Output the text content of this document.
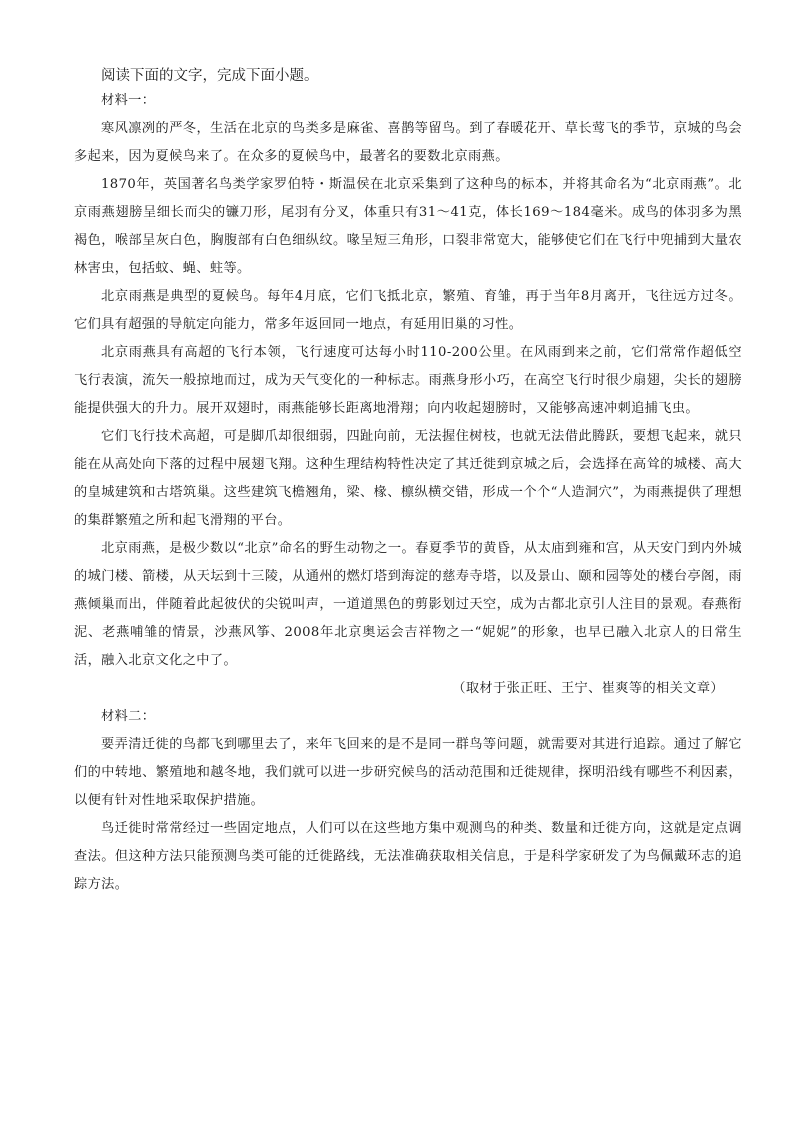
阅读下面的文字，完成下面小题。

材料一：

寒风凛冽的严冬，生活在北京的鸟类多是麻雀、喜鹊等留鸟。到了春暖花开、草长莺飞的季节，京城的鸟会多起来，因为夏候鸟来了。在众多的夏候鸟中，最著名的要数北京雨燕。

1870年，英国著名鸟类学家罗伯特・斯温侯在北京采集到了这种鸟的标本，并将其命名为“北京雨燕”。北京雨燕翅膀呈细长而尖的镰刀形，尾羽有分叉，体重只有31～41克，体长169～184毫米。成鸟的体羽多为黑褐色，喉部呈灰白色，胸腹部有白色细纵纹。喙呈短三角形，口裂非常宽大，能够使它们在飞行中兜捕到大量农林害虫，包括蚊、蝇、蛀等。

北京雨燕是典型的夏候鸟。每年4月底，它们飞抵北京，繁殖、育雏，再于当年8月离开，飞往远方过冬。它们具有超强的导航定向能力，常多年返回同一地点，有延用旧巢的习性。

北京雨燕具有高超的飞行本领，飞行速度可达每小时110-200公里。在风雨到来之前，它们常常作超低空飞行表演，流矢一般掠地而过，成为天气变化的一种标志。雨燕身形小巧，在高空飞行时很少扇翅，尖长的翅膀能提供强大的升力。展开双翅时，雨燕能够长距离地滑翔；向内收起翅膀时，又能够高速冲刺追捕飞虫。

它们飞行技术高超，可是脚爪却很细弱，四趾向前，无法握住树枝，也就无法借此腾跃，要想飞起来，就只能在从高处向下落的过程中展翅飞翔。这种生理结构特性决定了其迁徙到京城之后，会选择在高耸的城楼、高大的皇城建筑和古塔筑巢。这些建筑飞檐翘角，梁、椽、檩纵横交错，形成一个个“人造洞穴”，为雨燕提供了理想的集群繁殖之所和起飞滑翔的平台。

北京雨燕，是极少数以“北京”命名的野生动物之一。春夏季节的黄昏，从太庙到雍和宫，从天安门到内外城的城门楼、箭楼，从天坛到十三陵，从通州的燃灯塔到海淀的慈寿寺塔，以及景山、颐和园等处的楼台亭阁，雨燕倾巢而出，伴随着此起彼伏的尖锐叫声，一道道黑色的剪影划过天空，成为古都北京引人注目的景观。春燕衔泥、老燕哺雏的情景，沙燕风筝、2008年北京奥运会吉祥物之一“妮妮”的形象，也早已融入北京人的日常生活，融入北京文化之中了。

（取材于张正旺、王宁、崔爽等的相关文章）

材料二：

要弄清迁徙的鸟都飞到哪里去了，来年飞回来的是不是同一群鸟等问题，就需要对其进行追踪。通过了解它们的中转地、繁殖地和越冬地，我们就可以进一步研究候鸟的活动范围和迁徙规律，探明沿线有哪些不利因素，以便有针对性地采取保护措施。

鸟迁徙时常常经过一些固定地点，人们可以在这些地方集中观测鸟的种类、数量和迁徙方向，这就是定点调查法。但这种方法只能预测鸟类可能的迁徙路线，无法准确获取相关信息，于是科学家研发了为鸟佩戴环志的追踪方法。
